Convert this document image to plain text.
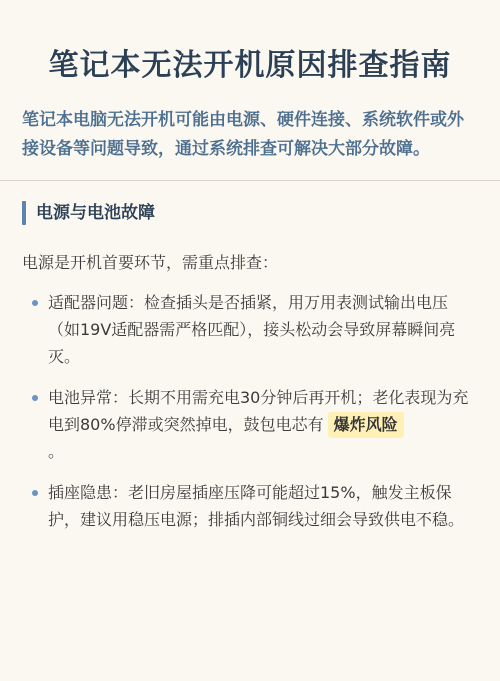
笔记本无法开机原因排查指南

笔记本电脑无法开机可能由电源、硬件连接、系统软件或外接设备等问题导致，通过系统排查可解决大部分故障。

电源与电池故障

电源是开机首要环节，需重点排查：

适配器问题：检查插头是否插紧，用万用表测试输出电压（如19V适配器需严格匹配），接头松动会导致屏幕瞬间亮灭。
电池异常：长期不用需充电30分钟后再开机；老化表现为充电到80%停滞或突然掉电，鼓包电芯有 爆炸风险
。
插座隐患：老旧房屋插座压降可能超过15%，触发主板保护，建议用稳压电源；排插内部铜线过细会导致供电不稳。
